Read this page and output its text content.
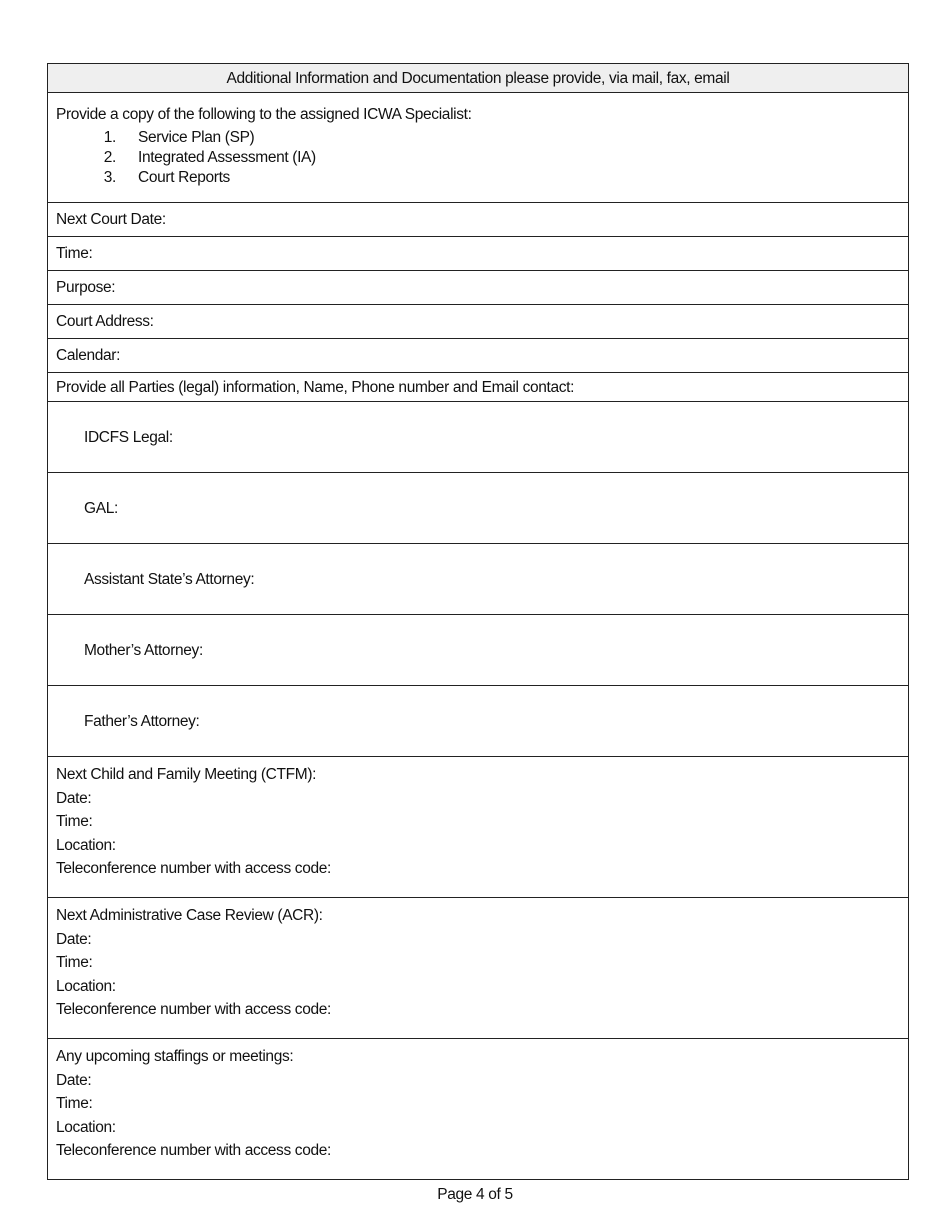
Additional Information and Documentation please provide, via mail, fax, email

Provide a copy of the following to the assigned ICWA Specialist:
1.	Service Plan (SP)
2.	Integrated Assessment (IA)
3.	Court Reports

Next Court Date:
Time:
Purpose:
Court Address:
Calendar:
Provide all Parties (legal) information, Name, Phone number and Email contact:
IDCFS Legal:
GAL:
Assistant State’s Attorney:
Mother’s Attorney:
Father’s Attorney:

Next Child and Family Meeting (CTFM):
Date:
Time:
Location:
Teleconference number with access code:

Next Administrative Case Review (ACR):
Date:
Time:
Location:
Teleconference number with access code:

Any upcoming staffings or meetings:
Date:
Time:
Location:
Teleconference number with access code:
Page 4 of 5
